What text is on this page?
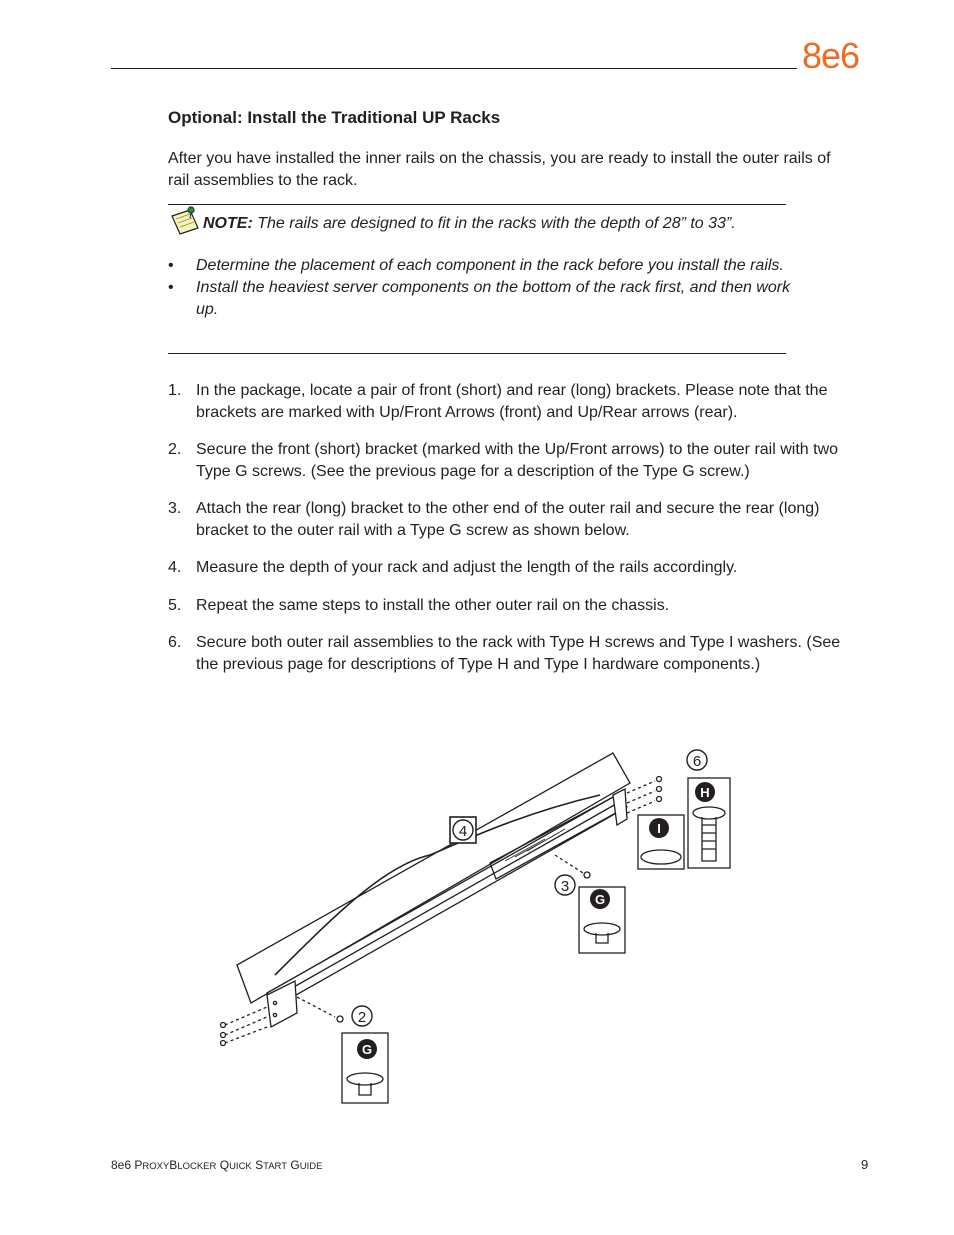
8e6
Optional: Install the Traditional UP Racks
After you have installed the inner rails on the chassis, you are ready to install the outer rails of rail assemblies to the rack.
NOTE: The rails are designed to fit in the racks with the depth of 28” to 33”.
• Determine the placement of each component in the rack before you install the rails.
• Install the heaviest server components on the bottom of the rack first, and then work up.
1. In the package, locate a pair of front (short) and rear (long) brackets. Please note that the brackets are marked with Up/Front Arrows (front) and Up/Rear arrows (rear).
2. Secure the front (short) bracket (marked with the Up/Front arrows) to the outer rail with two Type G screws. (See the previous page for a description of the Type G screw.)
3. Attach the rear (long) bracket to the other end of the outer rail and secure the rear (long) bracket to the outer rail with a Type G screw as shown below.
4. Measure the depth of your rack and adjust the length of the rails accordingly.
5. Repeat the same steps to install the other outer rail on the chassis.
6. Secure both outer rail assemblies to the rack with Type H screws and Type I washers. (See the previous page for descriptions of Type H and Type I hardware components.)
4
3
2
6
G
G
I
H
8e6 PROXYBLOCKER QUICK START GUIDE	9
